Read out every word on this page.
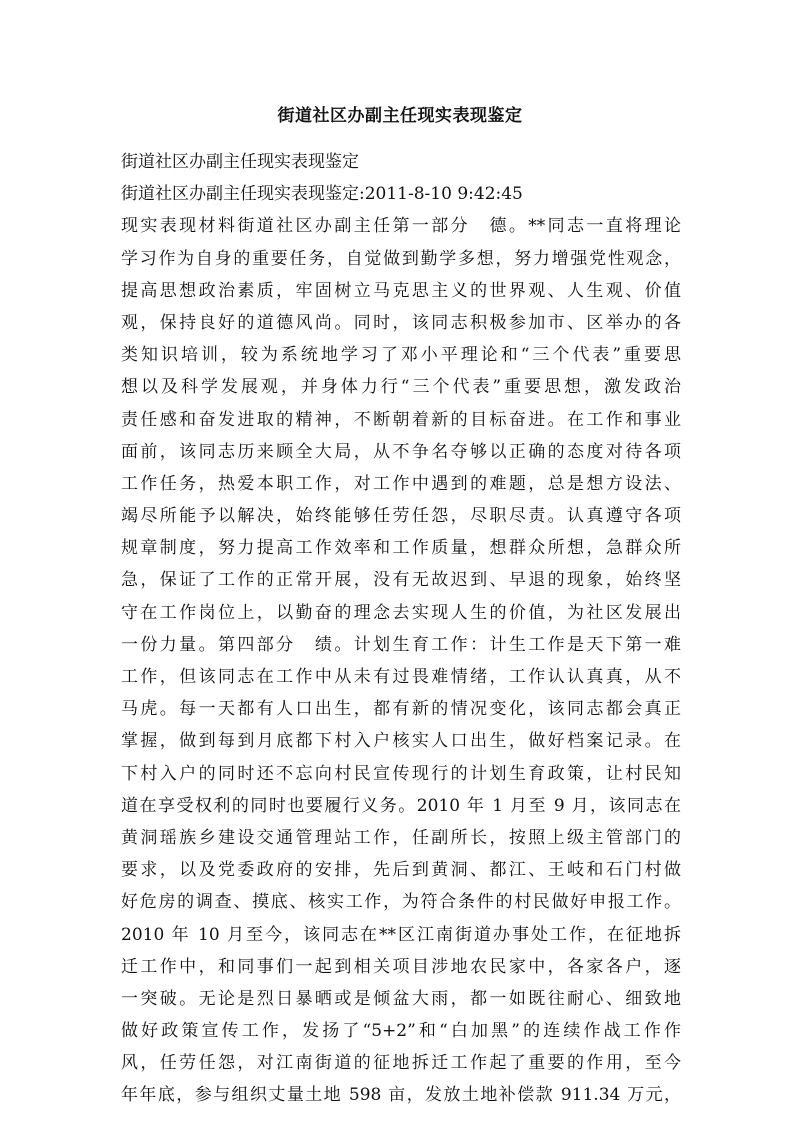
街道社区办副主任现实表现鉴定
街道社区办副主任现实表现鉴定
街道社区办副主任现实表现鉴定:2011-8-10 9:42:45
现实表现材料街道社区办副主任第一部分　德。**同志一直将理论
学习作为自身的重要任务，自觉做到勤学多想，努力增强党性观念，
提高思想政治素质，牢固树立马克思主义的世界观、人生观、价值
观，保持良好的道德风尚。同时，该同志积极参加市、区举办的各
类知识培训，较为系统地学习了邓小平理论和“三个代表”重要思
想以及科学发展观，并身体力行“三个代表”重要思想，激发政治
责任感和奋发进取的精神，不断朝着新的目标奋进。在工作和事业
面前，该同志历来顾全大局，从不争名夺够以正确的态度对待各项
工作任务，热爱本职工作，对工作中遇到的难题，总是想方设法、
竭尽所能予以解决，始终能够任劳任怨，尽职尽责。认真遵守各项
规章制度，努力提高工作效率和工作质量，想群众所想，急群众所
急，保证了工作的正常开展，没有无故迟到、早退的现象，始终坚
守在工作岗位上，以勤奋的理念去实现人生的价值，为社区发展出
一份力量。第四部分　绩。计划生育工作：计生工作是天下第一难
工作，但该同志在工作中从未有过畏难情绪，工作认认真真，从不
马虎。每一天都有人口出生，都有新的情况变化，该同志都会真正
掌握，做到每到月底都下村入户核实人口出生，做好档案记录。在
下村入户的同时还不忘向村民宣传现行的计划生育政策，让村民知
道在享受权利的同时也要履行义务。2010 年 1 月至 9 月，该同志在
黄洞瑶族乡建设交通管理站工作，任副所长，按照上级主管部门的
要求，以及党委政府的安排，先后到黄洞、都江、王岐和石门村做
好危房的调查、摸底、核实工作，为符合条件的村民做好申报工作。
2010 年 10 月至今，该同志在**区江南街道办事处工作，在征地拆
迁工作中，和同事们一起到相关项目涉地农民家中，各家各户，逐
一突破。无论是烈日暴晒或是倾盆大雨，都一如既往耐心、细致地
做好政策宣传工作，发扬了“5+2”和“白加黑”的连续作战工作作
风，任劳任怨，对江南街道的征地拆迁工作起了重要的作用，至今
年年底，参与组织丈量土地 598 亩，发放土地补偿款 911.34 万元，
